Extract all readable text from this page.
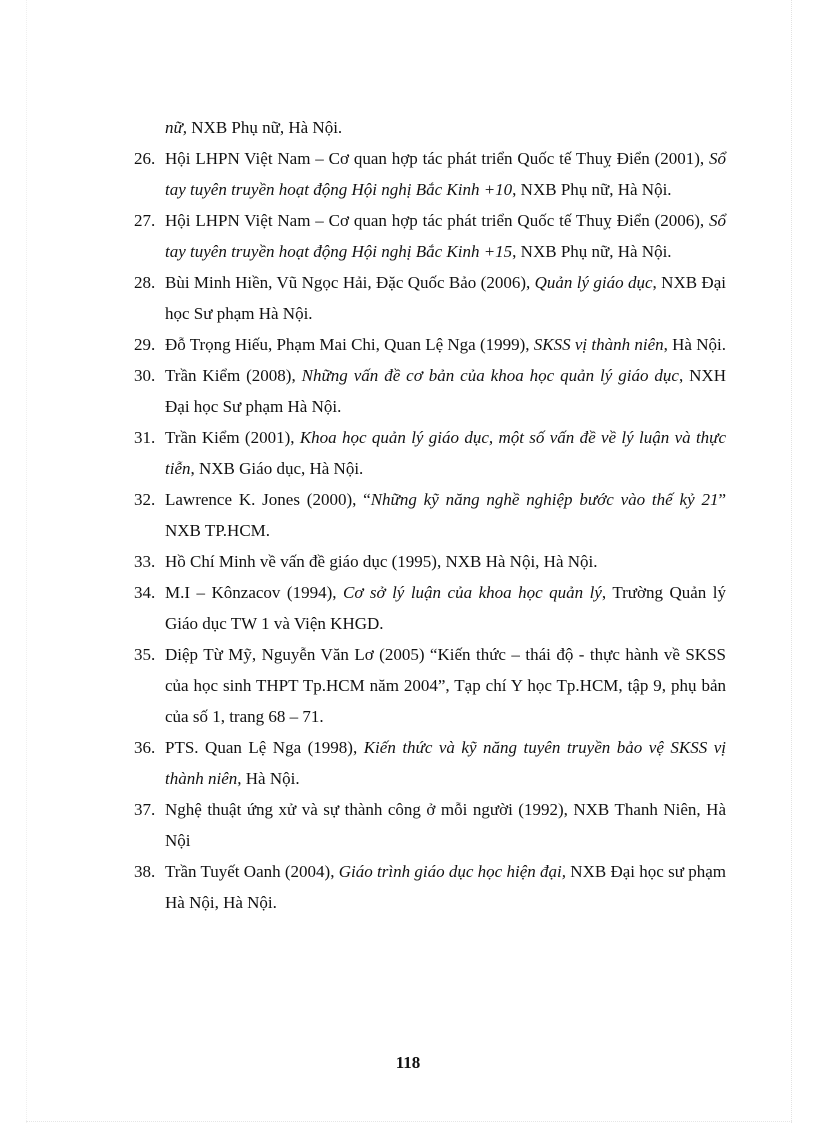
nữ, NXB Phụ nữ, Hà Nội.
26. Hội LHPN Việt Nam – Cơ quan hợp tác phát triển Quốc tế Thuỵ Điển (2001), Sổ tay tuyên truyền hoạt động Hội nghị Bắc Kinh +10, NXB Phụ nữ, Hà Nội.
27. Hội LHPN Việt Nam – Cơ quan hợp tác phát triển Quốc tế Thuỵ Điển (2006), Sổ tay tuyên truyền hoạt động Hội nghị Bắc Kinh +15, NXB Phụ nữ, Hà Nội.
28. Bùi Minh Hiền, Vũ Ngọc Hải, Đặc Quốc Bảo (2006), Quản lý giáo dục, NXB Đại học Sư phạm Hà Nội.
29. Đỗ Trọng Hiếu, Phạm Mai Chi, Quan Lệ Nga (1999), SKSS vị thành niên, Hà Nội.
30. Trần Kiểm (2008), Những vấn đề cơ bản của khoa học quản lý giáo dục, NXH Đại học Sư phạm Hà Nội.
31. Trần Kiểm (2001), Khoa học quản lý giáo dục, một số vấn đề về lý luận và thực tiễn, NXB Giáo dục, Hà Nội.
32. Lawrence K. Jones (2000), “Những kỹ năng nghề nghiệp bước vào thế kỷ 21” NXB TP.HCM.
33. Hồ Chí Minh về vấn đề giáo dục (1995), NXB Hà Nội, Hà Nội.
34. M.I – Kônzacov (1994), Cơ sở lý luận của khoa học quản lý, Trường Quản lý Giáo dục TW 1 và Viện KHGD.
35. Diệp Từ Mỹ, Nguyễn Văn Lơ (2005) “Kiến thức – thái độ - thực hành về SKSS của học sinh THPT Tp.HCM năm 2004”, Tạp chí Y học Tp.HCM, tập 9, phụ bản của số 1, trang 68 – 71.
36. PTS. Quan Lệ Nga (1998), Kiến thức và kỹ năng tuyên truyền bảo vệ SKSS vị thành niên, Hà Nội.
37. Nghệ thuật ứng xử và sự thành công ở mỗi người (1992), NXB Thanh Niên, Hà Nội
38. Trần Tuyết Oanh (2004), Giáo trình giáo dục học hiện đại, NXB Đại học sư phạm Hà Nội, Hà Nội.
118
